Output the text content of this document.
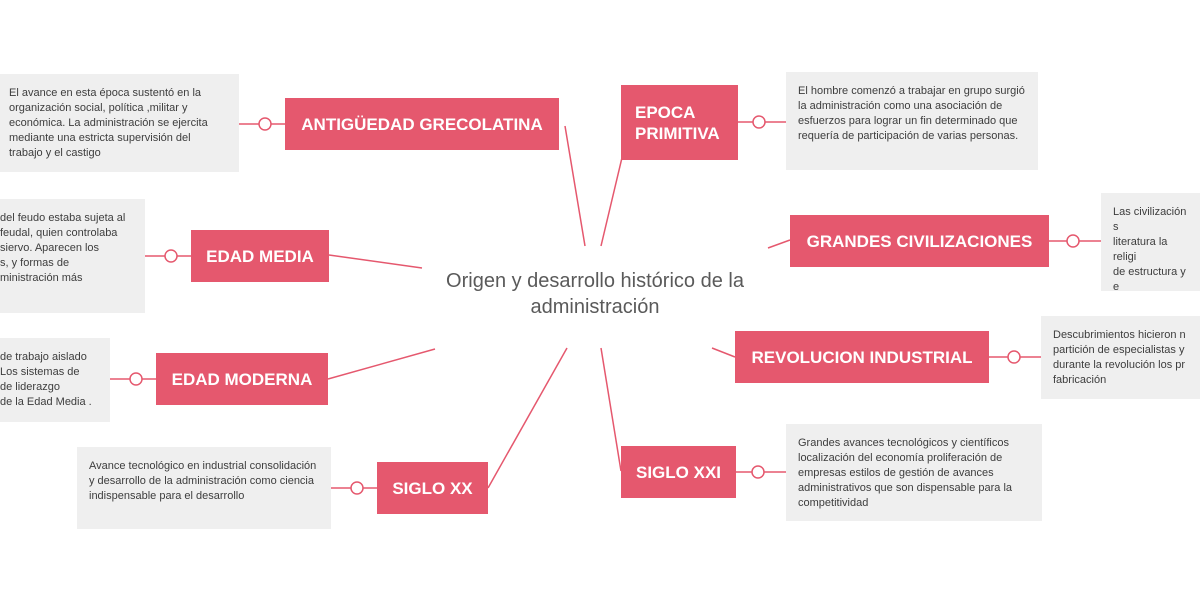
Origen y desarrollo histórico de la administración
ANTIGÜEDAD GRECOLATINA
EPOCA PRIMITIVA
EDAD MEDIA
GRANDES CIVILIZACIONES
REVOLUCION INDUSTRIAL
EDAD MODERNA
SIGLO XX
SIGLO XXI
El avance en esta época sustentó en la organización social, política ,militar y económica. La administración se ejercita mediante una estricta supervisión del trabajo y el castigo
El hombre comenzó a trabajar en grupo surgió la administración como una asociación de esfuerzos para lograr un fin determinado que requería de participación de varias personas.
del feudo estaba sujeta al
feudal, quien controlaba
siervo. Aparecen los
s, y formas de
ministración más
Las civilización s
literatura la religi
de estructura y e

Descubrimientos hicieron n
partición de especialistas y
durante la revolución los pr
fabricación
de trabajo aislado
Los sistemas de
de liderazgo
de la Edad Media .
Avance tecnológico en industrial consolidación y desarrollo de la administración como ciencia indispensable para el desarrollo
Grandes avances tecnológicos y científicos localización del economía proliferación de empresas estilos de gestión de avances administrativos que son dispensable para la competitividad
